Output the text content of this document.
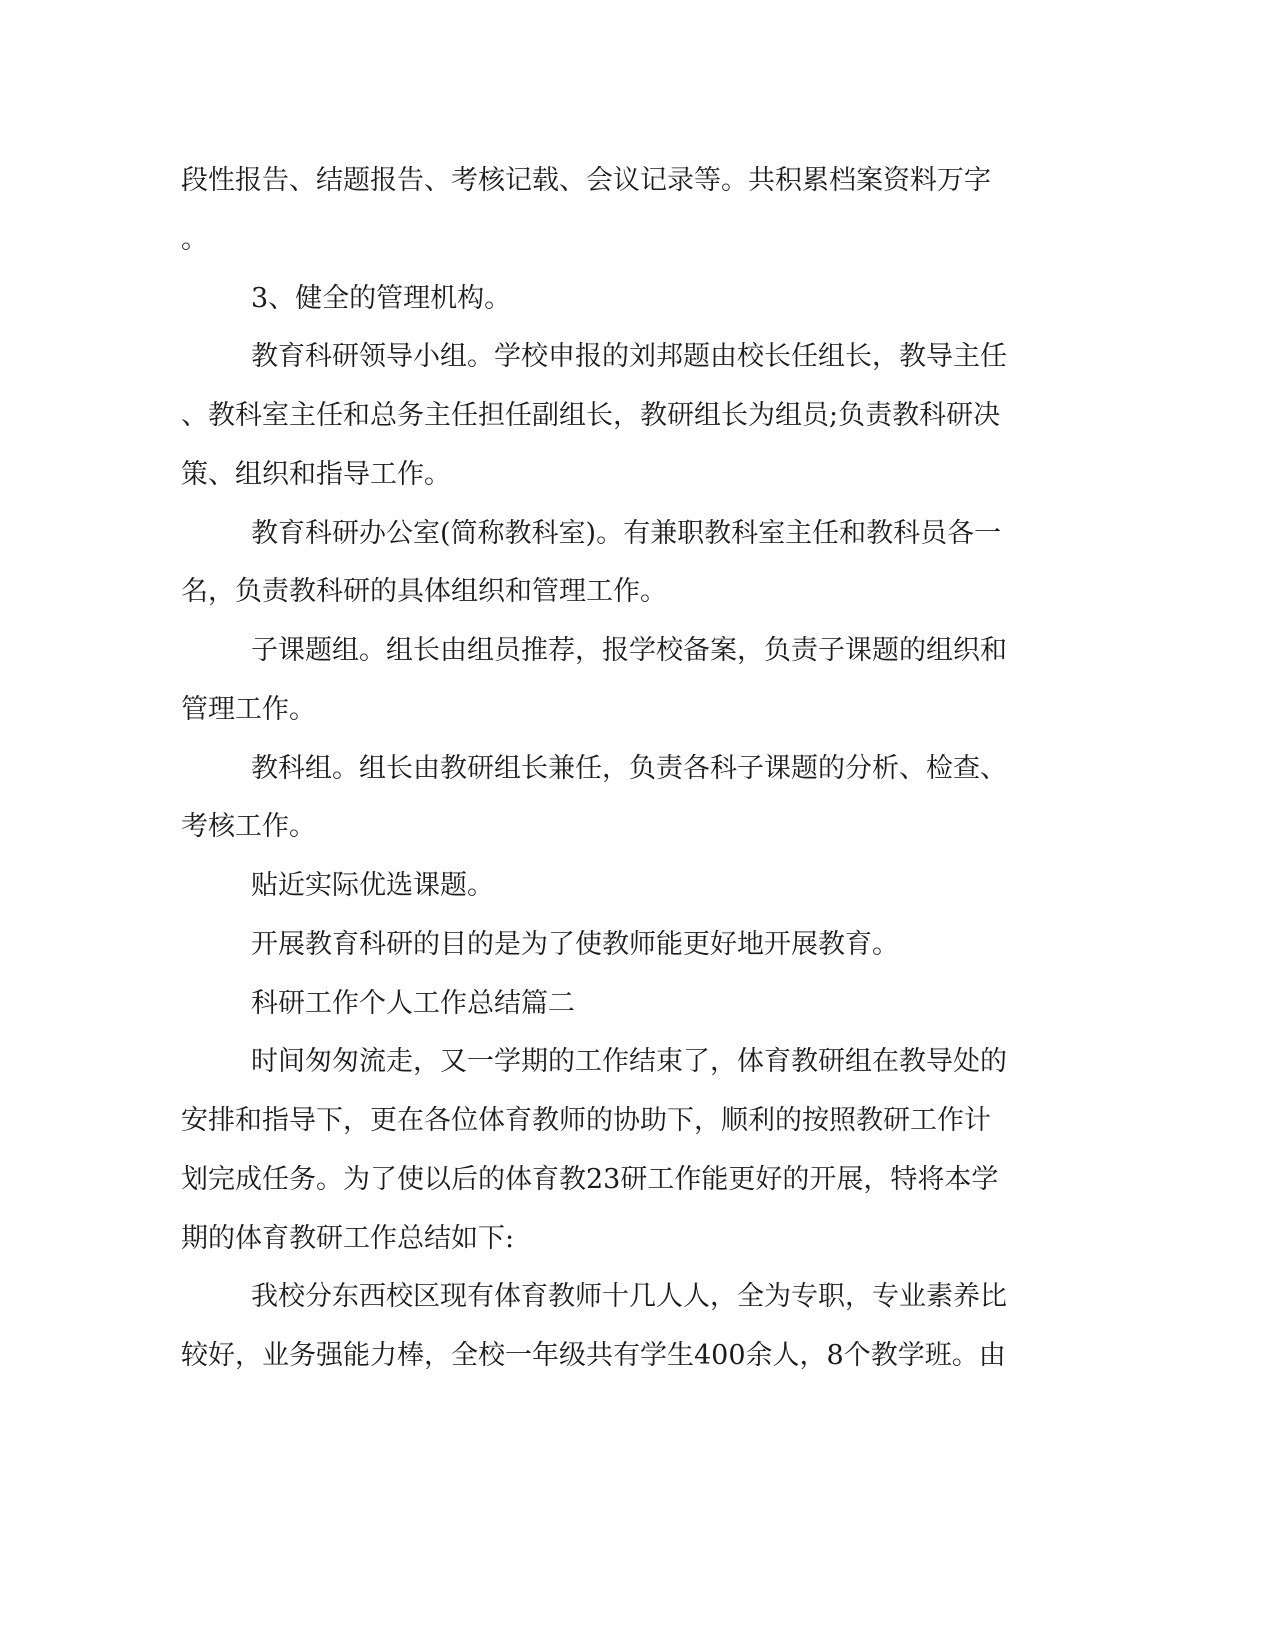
段性报告、结题报告、考核记载、会议记录等。共积累档案资料万字
。
3、健全的管理机构。
教育科研领导小组。学校申报的刘邦题由校长任组长，教导主任
、教科室主任和总务主任担任副组长，教研组长为组员;负责教科研决
策、组织和指导工作。
教育科研办公室(简称教科室)。有兼职教科室主任和教科员各一
名，负责教科研的具体组织和管理工作。
子课题组。组长由组员推荐，报学校备案，负责子课题的组织和
管理工作。
教科组。组长由教研组长兼任，负责各科子课题的分析、检查、
考核工作。
贴近实际优选课题。
开展教育科研的目的是为了使教师能更好地开展教育。
科研工作个人工作总结篇二
时间匆匆流走，又一学期的工作结束了，体育教研组在教导处的
安排和指导下，更在各位体育教师的协助下，顺利的按照教研工作计
划完成任务。为了使以后的体育教23研工作能更好的开展，特将本学
期的体育教研工作总结如下:
我校分东西校区现有体育教师十几人人，全为专职，专业素养比
较好，业务强能力棒，全校一年级共有学生400余人，8个教学班。由
